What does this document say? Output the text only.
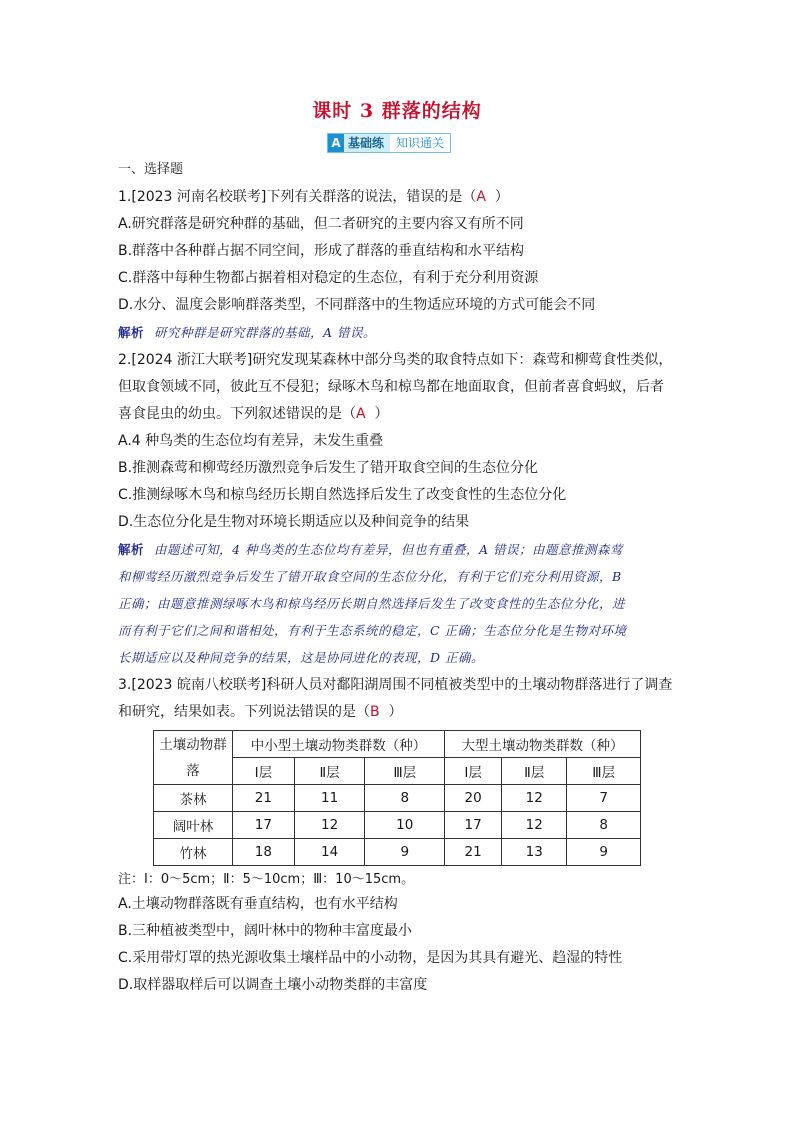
课时 3 群落的结构
A 基础练	知识通关
一、选择题
1.[2023 河南名校联考]下列有关群落的说法，错误的是（A ）
A.研究群落是研究种群的基础，但二者研究的主要内容又有所不同
B.群落中各种群占据不同空间，形成了群落的垂直结构和水平结构
C.群落中每种生物都占据着相对稳定的生态位，有利于充分利用资源
D.水分、温度会影响群落类型，不同群落中的生物适应环境的方式可能会不同
解析 研究种群是研究群落的基础，A 错误。
2.[2024 浙江大联考]研究发现某森林中部分鸟类的取食特点如下：森莺和柳莺食性类似，
但取食领域不同，彼此互不侵犯；绿啄木鸟和椋鸟都在地面取食，但前者喜食蚂蚁，后者
喜食昆虫的幼虫。下列叙述错误的是（A ）
A.4 种鸟类的生态位均有差异，未发生重叠
B.推测森莺和柳莺经历激烈竞争后发生了错开取食空间的生态位分化
C.推测绿啄木鸟和椋鸟经历长期自然选择后发生了改变食性的生态位分化
D.生态位分化是生物对环境长期适应以及种间竞争的结果
解析 由题述可知，4 种鸟类的生态位均有差异，但也有重叠，A 错误；由题意推测森莺
和柳莺经历激烈竞争后发生了错开取食空间的生态位分化，有利于它们充分利用资源，B
正确；由题意推测绿啄木鸟和椋鸟经历长期自然选择后发生了改变食性的生态位分化，进
而有利于它们之间和谐相处，有利于生态系统的稳定，C 正确；生态位分化是生物对环境
长期适应以及种间竞争的结果，这是协同进化的表现，D 正确。
3.[2023 皖南八校联考]科研人员对鄱阳湖周围不同植被类型中的土壤动物群落进行了调查
和研究，结果如表。下列说法错误的是（B ）
土壤动物群
落	中小型土壤动物类群数（种）			大型土壤动物类群数（种）		
	Ⅰ层	Ⅱ层	Ⅲ层	Ⅰ层	Ⅱ层	Ⅲ层
茶林	21	11	8	20	12	7
阔叶林	17	12	10	17	12	8
竹林	18	14	9	21	13	9
注：Ⅰ：0～5cm；Ⅱ：5～10cm；Ⅲ：10～15cm。
A.土壤动物群落既有垂直结构，也有水平结构
B.三种植被类型中，阔叶林中的物种丰富度最小
C.采用带灯罩的热光源收集土壤样品中的小动物，是因为其具有避光、趋湿的特性
D.取样器取样后可以调查土壤小动物类群的丰富度
